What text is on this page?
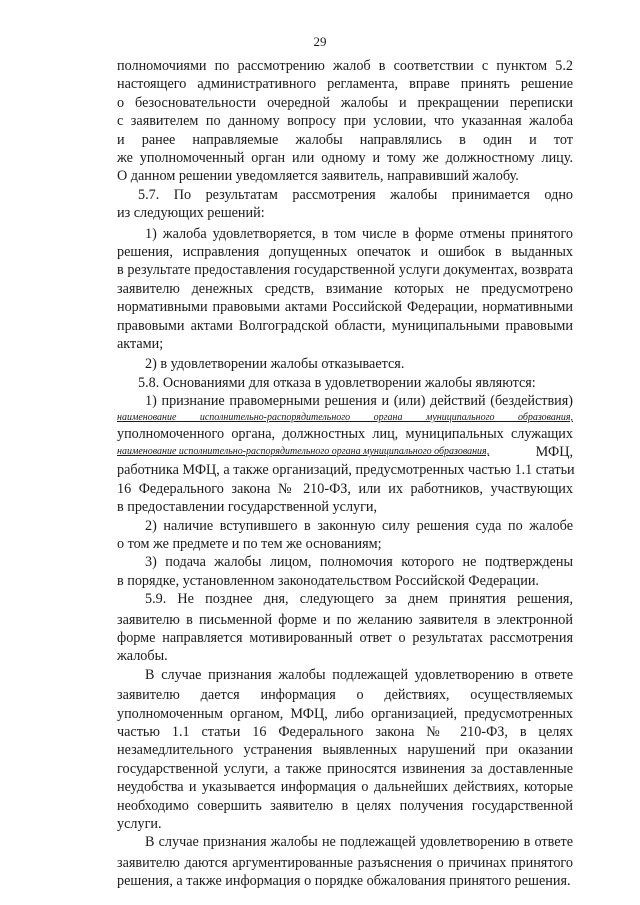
29
полномочиями по рассмотрению жалоб в соответствии с пунктом 5.2
настоящего административного регламента, вправе принять решение
о безосновательности очередной жалобы и прекращении переписки
с заявителем по данному вопросу при условии, что указанная жалоба
и ранее направляемые жалобы направлялись в один и тот
же уполномоченный орган или одному и тому же должностному лицу.
О данном решении уведомляется заявитель, направивший жалобу.
5.7. По результатам рассмотрения жалобы принимается одно
из следующих решений:
1) жалоба удовлетворяется, в том числе в форме отмены принятого
решения, исправления допущенных опечаток и ошибок в выданных
в результате предоставления государственной услуги документах, возврата
заявителю денежных средств, взимание которых не предусмотрено
нормативными правовыми актами Российской Федерации, нормативными
правовыми актами Волгоградской области, муниципальными правовыми
актами;
2) в удовлетворении жалобы отказывается.
5.8. Основаниями для отказа в удовлетворении жалобы являются:
1) признание правомерными решения и (или) действий (бездействия)
наименование исполнительно-распорядительного органа муниципального образования,
уполномоченного органа, должностных лиц, муниципальных служащих
наименование исполнительно-распорядительного органа муниципального образования,	МФЦ,
работника МФЦ, а также организаций, предусмотренных частью 1.1 статьи
16 Федерального закона № 210-ФЗ, или их работников, участвующих
в предоставлении государственной услуги,
2) наличие вступившего в законную силу решения суда по жалобе
о том же предмете и по тем же основаниям;
3) подача жалобы лицом, полномочия которого не подтверждены
в порядке, установленном законодательством Российской Федерации.
5.9. Не позднее дня, следующего за днем принятия решения,
заявителю в письменной форме и по желанию заявителя в электронной
форме направляется мотивированный ответ о результатах рассмотрения
жалобы.
В случае признания жалобы подлежащей удовлетворению в ответе
заявителю дается информация о действиях, осуществляемых
уполномоченным органом, МФЦ, либо организацией, предусмотренных
частью 1.1 статьи 16 Федерального закона № 210-ФЗ, в целях
незамедлительного устранения выявленных нарушений при оказании
государственной услуги, а также приносятся извинения за доставленные
неудобства и указывается информация о дальнейших действиях, которые
необходимо совершить заявителю в целях получения государственной
услуги.
В случае признания жалобы не подлежащей удовлетворению в ответе
заявителю даются аргументированные разъяснения о причинах принятого
решения, а также информация о порядке обжалования принятого решения.
